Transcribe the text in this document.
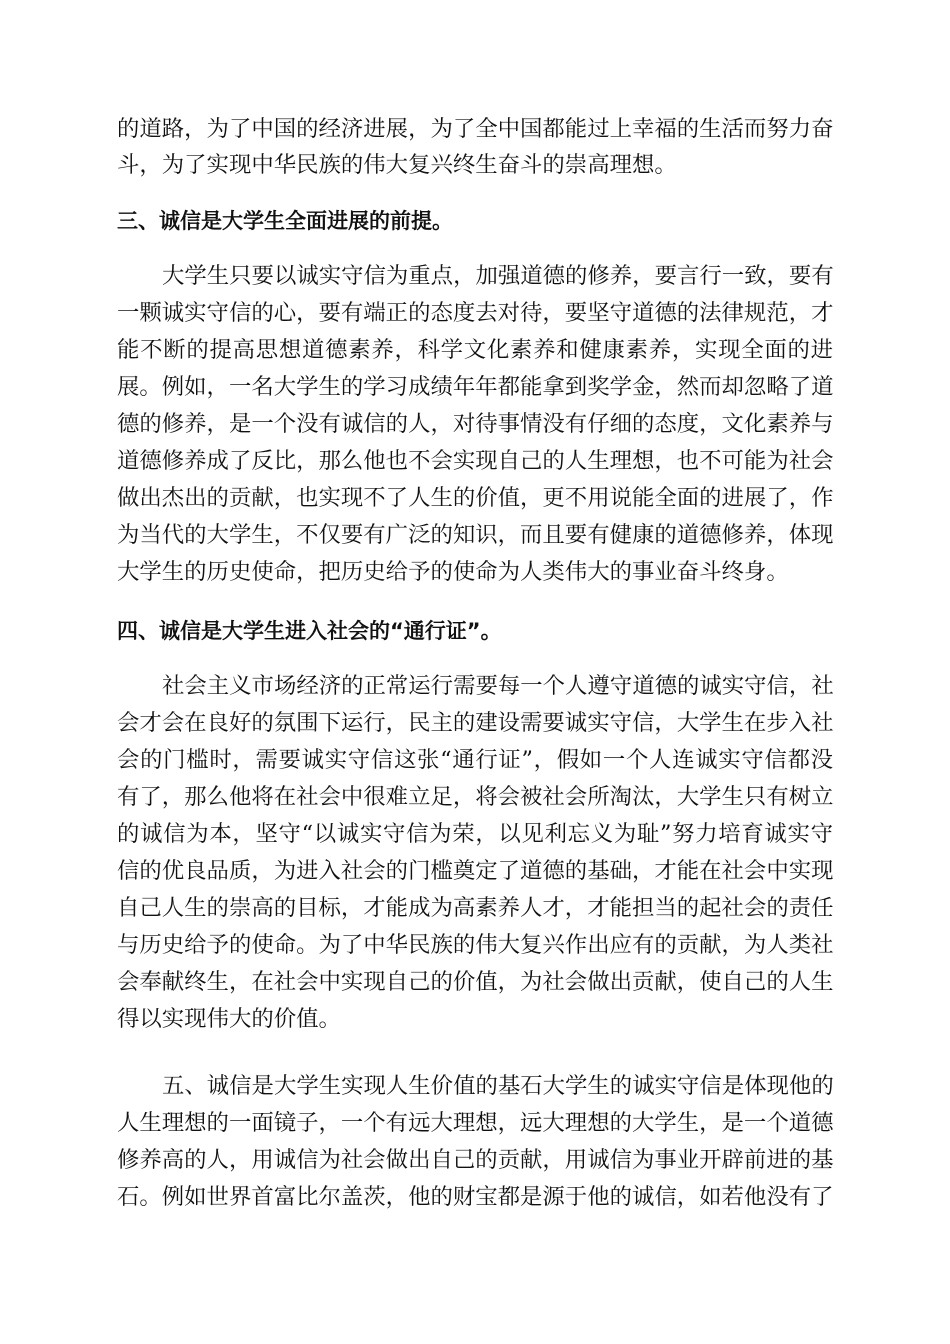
的道路，为了中国的经济进展，为了全中国都能过上幸福的生活而努力奋
斗，为了实现中华民族的伟大复兴终生奋斗的崇高理想。
三、诚信是大学生全面进展的前提。
大学生只要以诚实守信为重点，加强道德的修养，要言行一致，要有
一颗诚实守信的心，要有端正的态度去对待，要坚守道德的法律规范，才
能不断的提高思想道德素养，科学文化素养和健康素养，实现全面的进
展。例如，一名大学生的学习成绩年年都能拿到奖学金，然而却忽略了道
德的修养，是一个没有诚信的人，对待事情没有仔细的态度，文化素养与
道德修养成了反比，那么他也不会实现自己的人生理想，也不可能为社会
做出杰出的贡献，也实现不了人生的价值，更不用说能全面的进展了，作
为当代的大学生，不仅要有广泛的知识，而且要有健康的道德修养，体现
大学生的历史使命，把历史给予的使命为人类伟大的事业奋斗终身。
四、诚信是大学生进入社会的“通行证”。
社会主义市场经济的正常运行需要每一个人遵守道德的诚实守信，社
会才会在良好的氛围下运行，民主的建设需要诚实守信，大学生在步入社
会的门槛时，需要诚实守信这张“通行证”，假如一个人连诚实守信都没
有了，那么他将在社会中很难立足，将会被社会所淘汰，大学生只有树立
的诚信为本，坚守“以诚实守信为荣，以见利忘义为耻”努力培育诚实守
信的优良品质，为进入社会的门槛奠定了道德的基础，才能在社会中实现
自己人生的崇高的目标，才能成为高素养人才，才能担当的起社会的责任
与历史给予的使命。为了中华民族的伟大复兴作出应有的贡献，为人类社
会奉献终生，在社会中实现自己的价值，为社会做出贡献，使自己的人生
得以实现伟大的价值。
五、诚信是大学生实现人生价值的基石大学生的诚实守信是体现他的
人生理想的一面镜子，一个有远大理想，远大理想的大学生，是一个道德
修养高的人，用诚信为社会做出自己的贡献，用诚信为事业开辟前进的基
石。例如世界首富比尔盖茨，他的财宝都是源于他的诚信，如若他没有了
